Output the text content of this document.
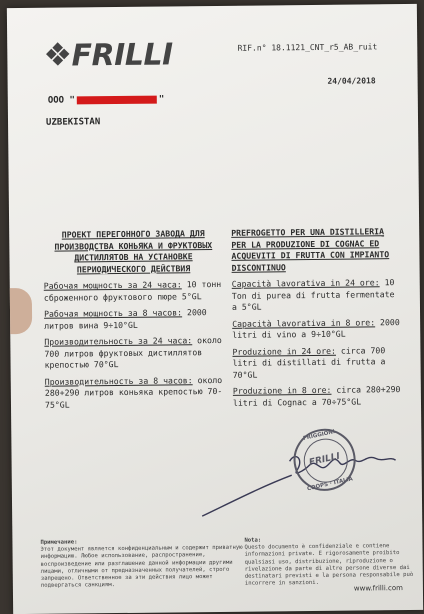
❖FRILLI	RIF.n° 18.1121_CNT_r5_AB_ruit
24/04/2018
ООО "	"
UZBEKISTAN
ПРОЕКТ ПЕРЕГОННОГО ЗАВОДА ДЛЯ ПРОИЗВОДСТВА КОНЬЯКА И ФРУКТОВЫХ ДИСТИЛЛЯТОВ НА УСТАНОВКЕ ПЕРИОДИЧЕСКОГО ДЕЙСТВИЯ

Рабочая мощность за 24 часа: 10 тонн сброженного фруктового пюре 5°GL

Рабочая мощность за 8 часов: 2000 литров вина 9÷10°GL

Производительность за 24 часа: около 700 литров фруктовых дистиллятов крепостью 70°GL

Производительность за 8 часов: около 280+290 литров коньяка крепостью 70-75°GL

PREFROGETTO PER UNA DISTILLERIA PER LA PRODUZIONE DI COGNAC ED ACQUEVITI DI FRUTTA CON IMPIANTO DISCONTINUO

Capacità lavorativa in 24 ore: 10 Ton di purea di frutta fermentate a 5°GL

Capacità lavorativa in 8 ore: 2000 litri di vino a 9÷10°GL

Produzione in 24 ore: circa 700 litri di distillati di frutta a 70°GL

Produzione in 8 ore: circa 280+290 litri di Cognac a 70÷75°GL

FRIGGIONI
FRILLI
COOPS · ITALIA
Примечание:
Этот документ является конфиденциальным и содержит приватную информацию. Любое использование, распространение, воспроизведение или разглашение данной информации другими лицами, отличными от предназначенных получателей, строго запрещено. Ответственное за эти действия лицо может подвергаться санкциям.
Nota:
Questo documento è confidenziale e contiene informazioni private. E rigorosamente proibito qualsiasi uso, distribuzione, riproduzione o rivelazione da parte di altre persone diverse dai destinatari previsti e la persona responsabile può incorrere in sanzioni.
www.frilli.com
